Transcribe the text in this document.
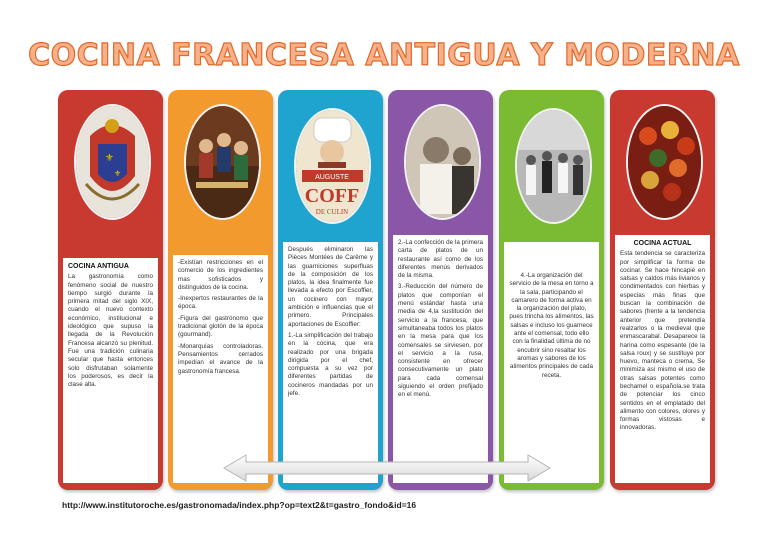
COCINA FRANCESA ANTIGUA Y MODERNA
⚜
⚜
COCINA ANTIGUA

La gastronomía como fenómeno social de nuestro tiempo surgió durante la primera mitad del siglo XIX, cuando el nuevo contexto económico, institucional e ideológico que supuso la llegada de la Revolución Francesa alcanzó su plenitud. Fue una tradición culinaria secular que hasta entonces solo disfrutaban solamente los poderosos, es decir la clase alta.

-Existían restricciones en el comercio de los ingredientes mas sofisticados y distinguidos de la cocina.

-Inexpertos restaurantes de la época.

-Figura del gastrónomo que tradicional glotón de la época (gourmand).

-Monarquías controladoras. Pensamientos cerrados impedían el avance de la gastronomía francesa.

AUGUSTE
COFF
DE CULIN

Después eliminaron las Pièces Montées de Carême y las guarniciones superfluas de la composición de los platos, la idea finalmente fue llevada a efecto por Escoffier, un cocinero con mayor ambición e influencias que el primero. Principales aportaciones de Escoffier:

1.-La simplificación del trabajo en la cocina, que era realizado por una brigada dirigida por el chef, compuesta a su vez por diferentes partidas de cocineros mandadas por un jefe.

2.-La confección de la primera carta de platos de un restaurante así como de los diferentes menús derivados de la misma.

3.-Reducción del número de platos que componían el menú estándar hasta una media de 4,la sustitución del servicio a la francesa, que simultaneaba todos los platos en la mesa para que los comensales se sirviesen, por el servicio a la rusa, consistente en ofrecer consecutivamente un plato para cada comensal siguiendo el orden prefijado en el menú.

4.-La organización del servicio de la mesa en torno a la sala, participando el camarero de forma activa en la organización del plato, pues trincha los alimentos, las salsas e incluso los guarnece ante el comensal, todo ello con la finalidad última de no encubrir sino resaltar los aromas y sabores de los alimentos principales de cada receta.

COCINA ACTUAL

Esta tendencia se caracteriza por simplificar la forma de cocinar. Se hace hincapié en salsas y caldos más livianos y condimentados con hierbas y especias más finas que buscan la combinación de sabores (frente a la tendencia anterior que pretendía realzarlos o la medieval que enmascarabal. Desaparece la harina como espesante (de la salsa roux) y se sustituye por huevo, manteca o crema. Se minimiza así mismo el uso de otras salsas potentes como bechamel o española.se trata de potenciar los cinco sentidos en el emplatado del alimento con colores, olores y formas vistosas e innovadoras.

http://www.institutoroche.es/gastronomada/index.php?op=text2&t=gastro_fondo&id=16
